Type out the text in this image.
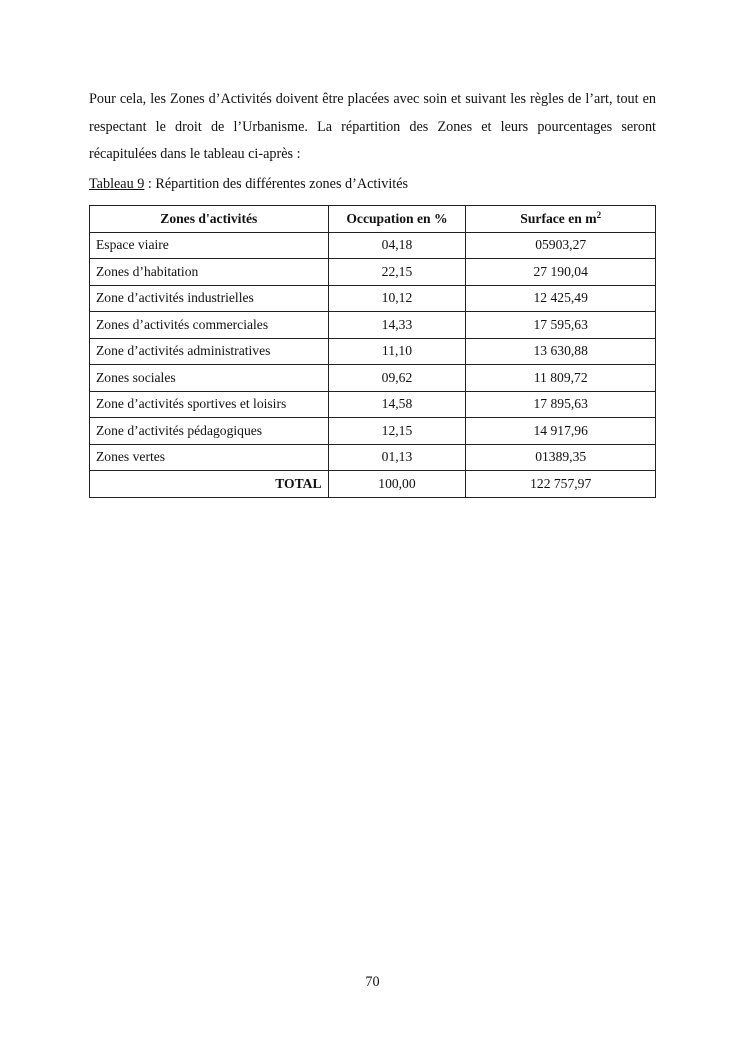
Pour cela, les Zones d’Activités doivent être placées avec soin et suivant les règles de l’art, tout en respectant le droit de l’Urbanisme. La répartition des Zones et leurs pourcentages seront récapitulées dans le tableau ci-après :

Tableau 9 : Répartition des différentes zones d’Activités

Zones d'activités	Occupation en %	Surface en $m^2$
Espace viaire	04,18	05903,27
Zones d’habitation	22,15	27 190,04
Zone d’activités industrielles	10,12	12 425,49
Zones d’activités commerciales	14,33	17 595,63
Zone d’activités administratives	11,10	13 630,88
Zones sociales	09,62	11 809,72
Zone d’activités sportives et loisirs	14,58	17 895,63
Zone d’activités pédagogiques	12,15	14 917,96
Zones vertes	01,13	01389,35
TOTAL	100,00	122 757,97
70
